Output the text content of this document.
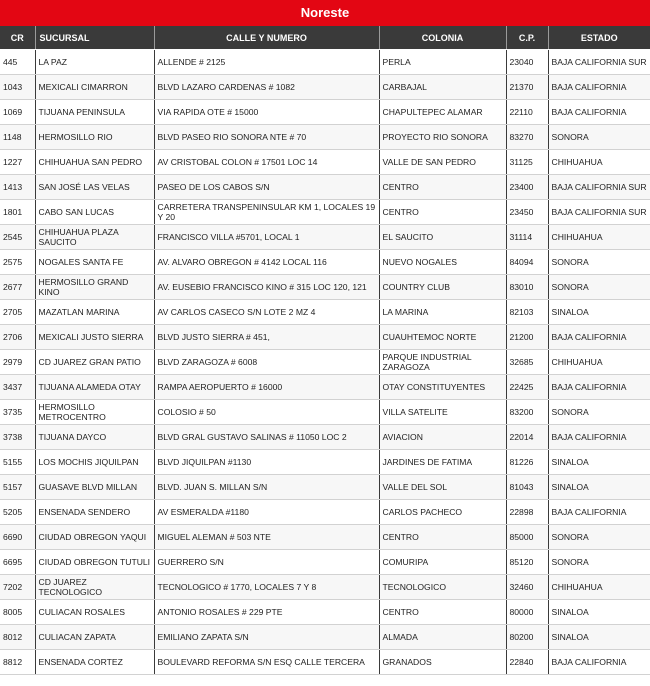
Noreste
CR	SUCURSAL	CALLE Y NUMERO	COLONIA	C.P.	ESTADO
445	LA PAZ	ALLENDE # 2125	PERLA	23040	BAJA CALIFORNIA SUR
1043	MEXICALI CIMARRON	BLVD LAZARO CARDENAS # 1082	CARBAJAL	21370	BAJA CALIFORNIA
1069	TIJUANA PENINSULA	VIA RAPIDA OTE # 15000	CHAPULTEPEC ALAMAR	22110	BAJA CALIFORNIA
1148	HERMOSILLO RIO	BLVD PASEO RIO SONORA NTE # 70	PROYECTO RIO SONORA	83270	SONORA
1227	CHIHUAHUA SAN PEDRO	AV CRISTOBAL COLON # 17501 LOC 14	VALLE DE SAN PEDRO	31125	CHIHUAHUA
1413	SAN JOSÉ LAS VELAS	PASEO DE LOS CABOS S/N	CENTRO	23400	BAJA CALIFORNIA SUR
1801	CABO SAN LUCAS	CARRETERA TRANSPENINSULAR KM 1, LOCALES 19 Y 20	CENTRO	23450	BAJA CALIFORNIA SUR
2545	CHIHUAHUA PLAZA SAUCITO	FRANCISCO VILLA #5701, LOCAL 1	EL SAUCITO	31114	CHIHUAHUA
2575	NOGALES SANTA FE	AV. ALVARO OBREGON # 4142 LOCAL 116	NUEVO NOGALES	84094	SONORA
2677	HERMOSILLO GRAND KINO	AV. EUSEBIO FRANCISCO KINO # 315 LOC 120, 121	COUNTRY CLUB	83010	SONORA
2705	MAZATLAN MARINA	AV CARLOS CASECO S/N LOTE 2 MZ 4	LA MARINA	82103	SINALOA
2706	MEXICALI JUSTO SIERRA	BLVD JUSTO SIERRA # 451,	CUAUHTEMOC NORTE	21200	BAJA CALIFORNIA
2979	CD JUAREZ GRAN PATIO	BLVD ZARAGOZA # 6008	PARQUE INDUSTRIAL ZARAGOZA	32685	CHIHUAHUA
3437	TIJUANA ALAMEDA OTAY	RAMPA AEROPUERTO # 16000	OTAY CONSTITUYENTES	22425	BAJA CALIFORNIA
3735	HERMOSILLO METROCENTRO	COLOSIO # 50	VILLA SATELITE	83200	SONORA
3738	TIJUANA DAYCO	BLVD GRAL GUSTAVO SALINAS # 11050 LOC 2	AVIACION	22014	BAJA CALIFORNIA
5155	LOS MOCHIS JIQUILPAN	BLVD JIQUILPAN #1130	JARDINES DE FATIMA	81226	SINALOA
5157	GUASAVE BLVD MILLAN	BLVD. JUAN S. MILLAN S/N	VALLE DEL SOL	81043	SINALOA
5205	ENSENADA SENDERO	AV ESMERALDA #1180	CARLOS PACHECO	22898	BAJA CALIFORNIA
6690	CIUDAD OBREGON YAQUI	MIGUEL ALEMAN # 503 NTE	CENTRO	85000	SONORA
6695	CIUDAD OBREGON TUTULI	GUERRERO S/N	COMURIPA	85120	SONORA
7202	CD JUAREZ TECNOLOGICO	TECNOLOGICO # 1770, LOCALES 7 Y 8	TECNOLOGICO	32460	CHIHUAHUA
8005	CULIACAN ROSALES	ANTONIO ROSALES # 229 PTE	CENTRO	80000	SINALOA
8012	CULIACAN ZAPATA	EMILIANO ZAPATA S/N	ALMADA	80200	SINALOA
8812	ENSENADA CORTEZ	BOULEVARD REFORMA S/N ESQ CALLE TERCERA	GRANADOS	22840	BAJA CALIFORNIA
